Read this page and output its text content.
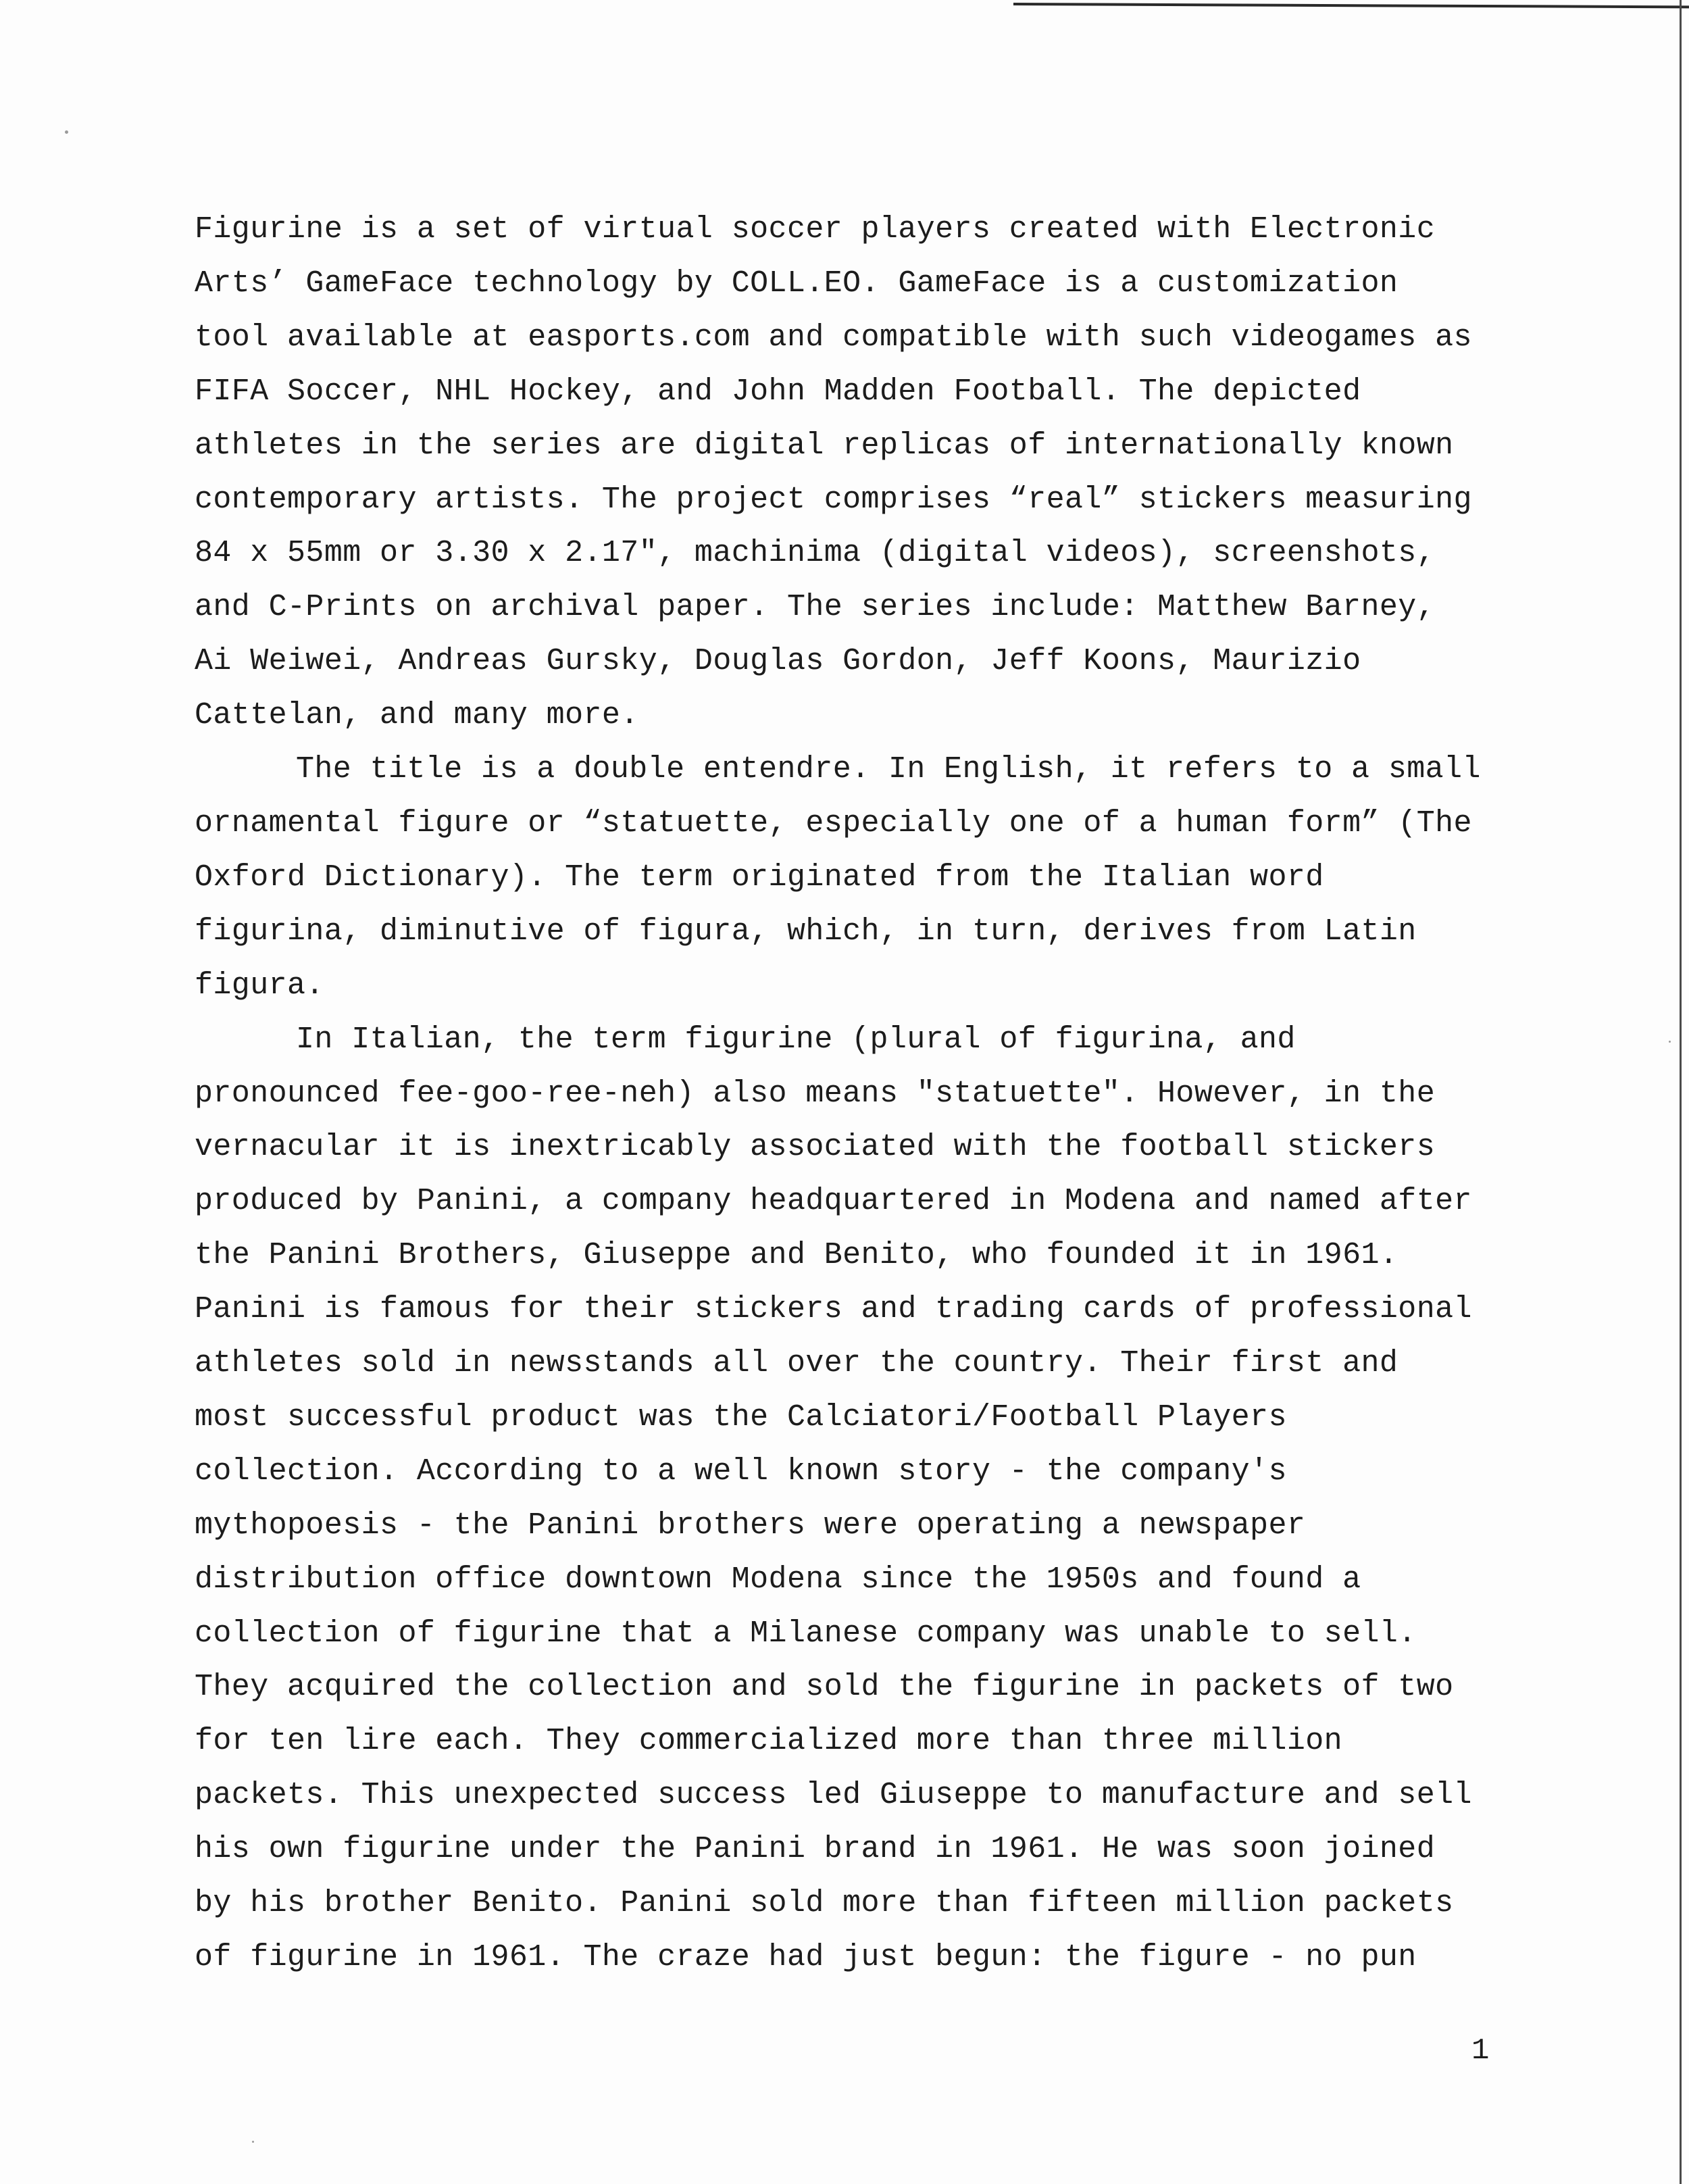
Figurine is a set of virtual soccer players created with Electronic
Arts’ GameFace technology by COLL.EO. GameFace is a customization
tool available at easports.com and compatible with such videogames as
FIFA Soccer, NHL Hockey, and John Madden Football. The depicted
athletes in the series are digital replicas of internationally known
contemporary artists. The project comprises “real” stickers measuring
84 x 55mm or 3.30 x 2.17", machinima (digital videos), screenshots,
and C-Prints on archival paper. The series include: Matthew Barney,
Ai Weiwei, Andreas Gursky, Douglas Gordon, Jeff Koons, Maurizio
Cattelan, and many more.
The title is a double entendre. In English, it refers to a small
ornamental figure or “statuette, especially one of a human form” (The
Oxford Dictionary). The term originated from the Italian word
figurina, diminutive of figura, which, in turn, derives from Latin
figura.
In Italian, the term figurine (plural of figurina, and
pronounced fee-goo-ree-neh) also means "statuette". However, in the
vernacular it is inextricably associated with the football stickers
produced by Panini, a company headquartered in Modena and named after
the Panini Brothers, Giuseppe and Benito, who founded it in 1961.
Panini is famous for their stickers and trading cards of professional
athletes sold in newsstands all over the country. Their first and
most successful product was the Calciatori/Football Players
collection. According to a well known story - the company's
mythopoesis - the Panini brothers were operating a newspaper
distribution office downtown Modena since the 1950s and found a
collection of figurine that a Milanese company was unable to sell.
They acquired the collection and sold the figurine in packets of two
for ten lire each. They commercialized more than three million
packets. This unexpected success led Giuseppe to manufacture and sell
his own figurine under the Panini brand in 1961. He was soon joined
by his brother Benito. Panini sold more than fifteen million packets
of figurine in 1961. The craze had just begun: the figure - no pun
1
